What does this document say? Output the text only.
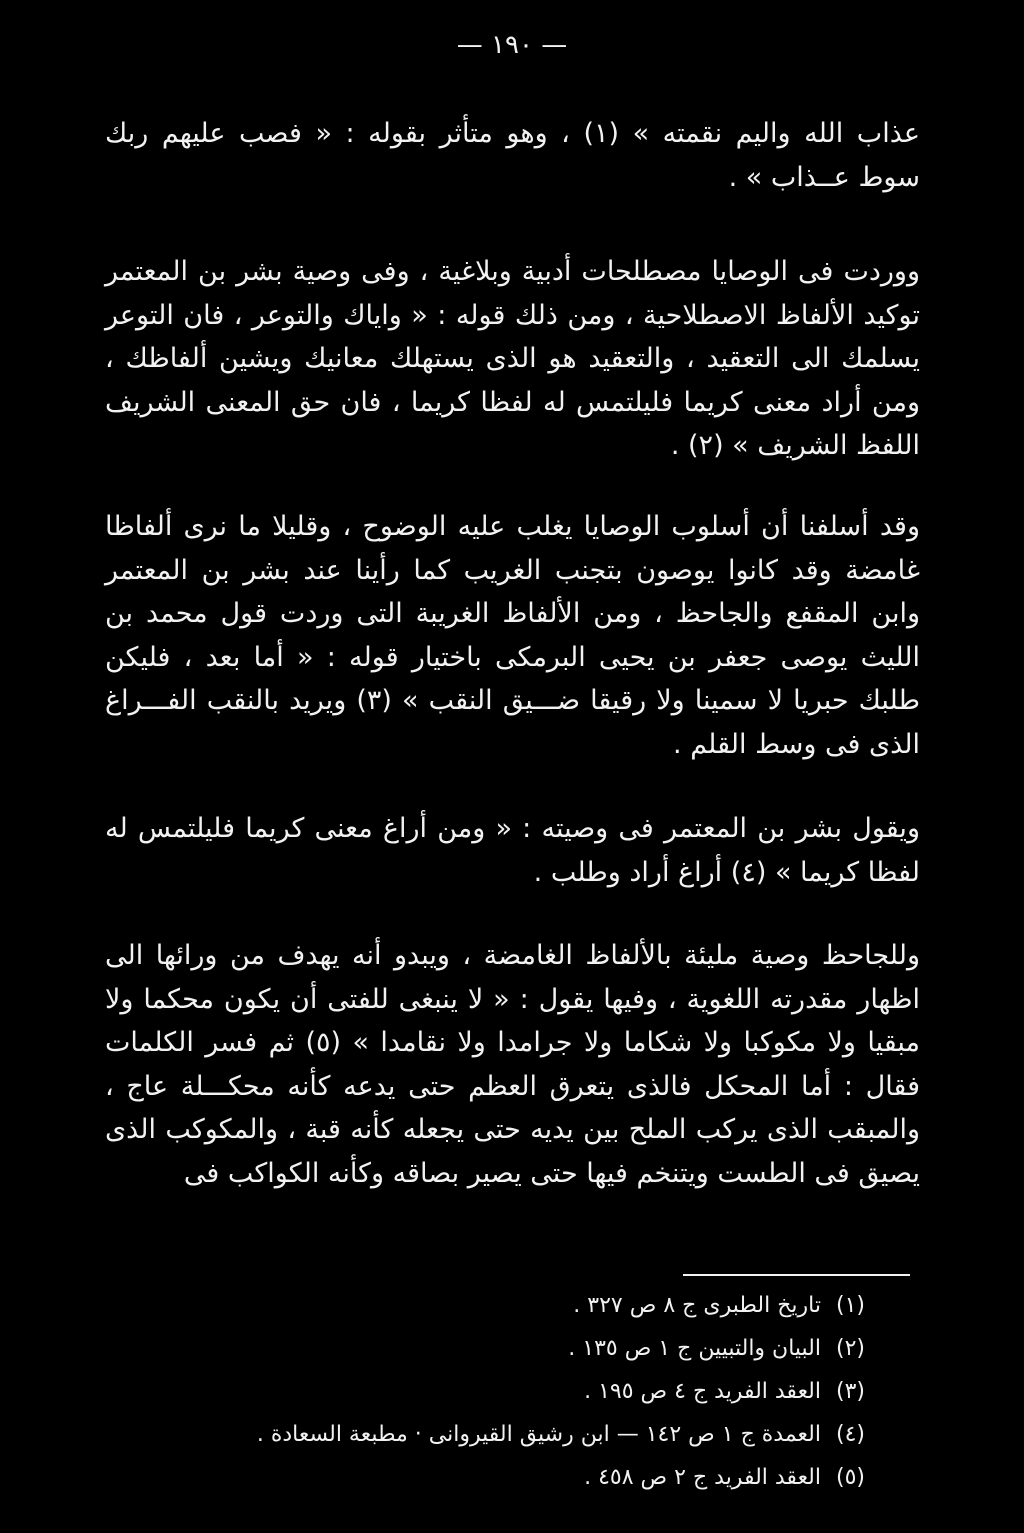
— ١٩٠ —

عذاب الله واليم نقمته » (١) ، وهو متأثر بقوله : « فصب عليهم ربك سوط عــذاب » .

ووردت فى الوصايا مصطلحات أدبية وبلاغية ، وفى وصية بشر بن المعتمر توكيد الألفاظ الاصطلاحية ، ومن ذلك قوله : « واياك والتوعر ، فان التوعر يسلمك الى التعقيد ، والتعقيد هو الذى يستهلك معانيك ويشين ألفاظك ، ومن أراد معنى كريما فليلتمس له لفظا كريما ، فان حق المعنى الشريف اللفظ الشريف » (٢) .

وقد أسلفنا أن أسلوب الوصايا يغلب عليه الوضوح ، وقليلا ما نرى ألفاظا غامضة وقد كانوا يوصون بتجنب الغريب كما رأينا عند بشر بن المعتمر وابن المقفع والجاحظ ، ومن الألفاظ الغريبة التى وردت قول محمد بن الليث يوصى جعفر بن يحيى البرمكى باختيار قوله : « أما بعد ، فليكن طلبك حبريا لا سمينا ولا رقيقا ضـــيق النقب » (٣) ويريد بالنقب الفـــراغ الذى فى وسط القلم .

ويقول بشر بن المعتمر فى وصيته : « ومن أراغ معنى كريما فليلتمس له لفظا كريما » (٤) أراغ أراد وطلب .

وللجاحظ وصية مليئة بالألفاظ الغامضة ، ويبدو أنه يهدف من ورائها الى اظهار مقدرته اللغوية ، وفيها يقول : « لا ينبغى للفتى أن يكون محكما ولا مبقيا ولا مكوكبا ولا شكاما ولا جرامدا ولا نقامدا » (٥) ثم فسر الكلمات فقال : أما المحكل فالذى يتعرق العظم حتى يدعه كأنه محكـــلة عاج ، والمبقب الذى يركب الملح بين يديه حتى يجعله كأنه قبة ، والمكوكب الذى يصيق فى الطست ويتنخم فيها حتى يصير بصاقه وكأنه الكواكب فى

(١)
تاريخ الطبرى ج ٨ ص ٣٢٧ .
(٢)
البيان والتبيين ج ١ ص ١٣٥ .
(٣)
العقد الفريد ج ٤ ص ١٩٥ .
(٤)
العمدة ج ١ ص ١٤٢ — ابن رشيق القيروانى · مطبعة السعادة .
(٥)
العقد الفريد ج ٢ ص ٤٥٨ .
